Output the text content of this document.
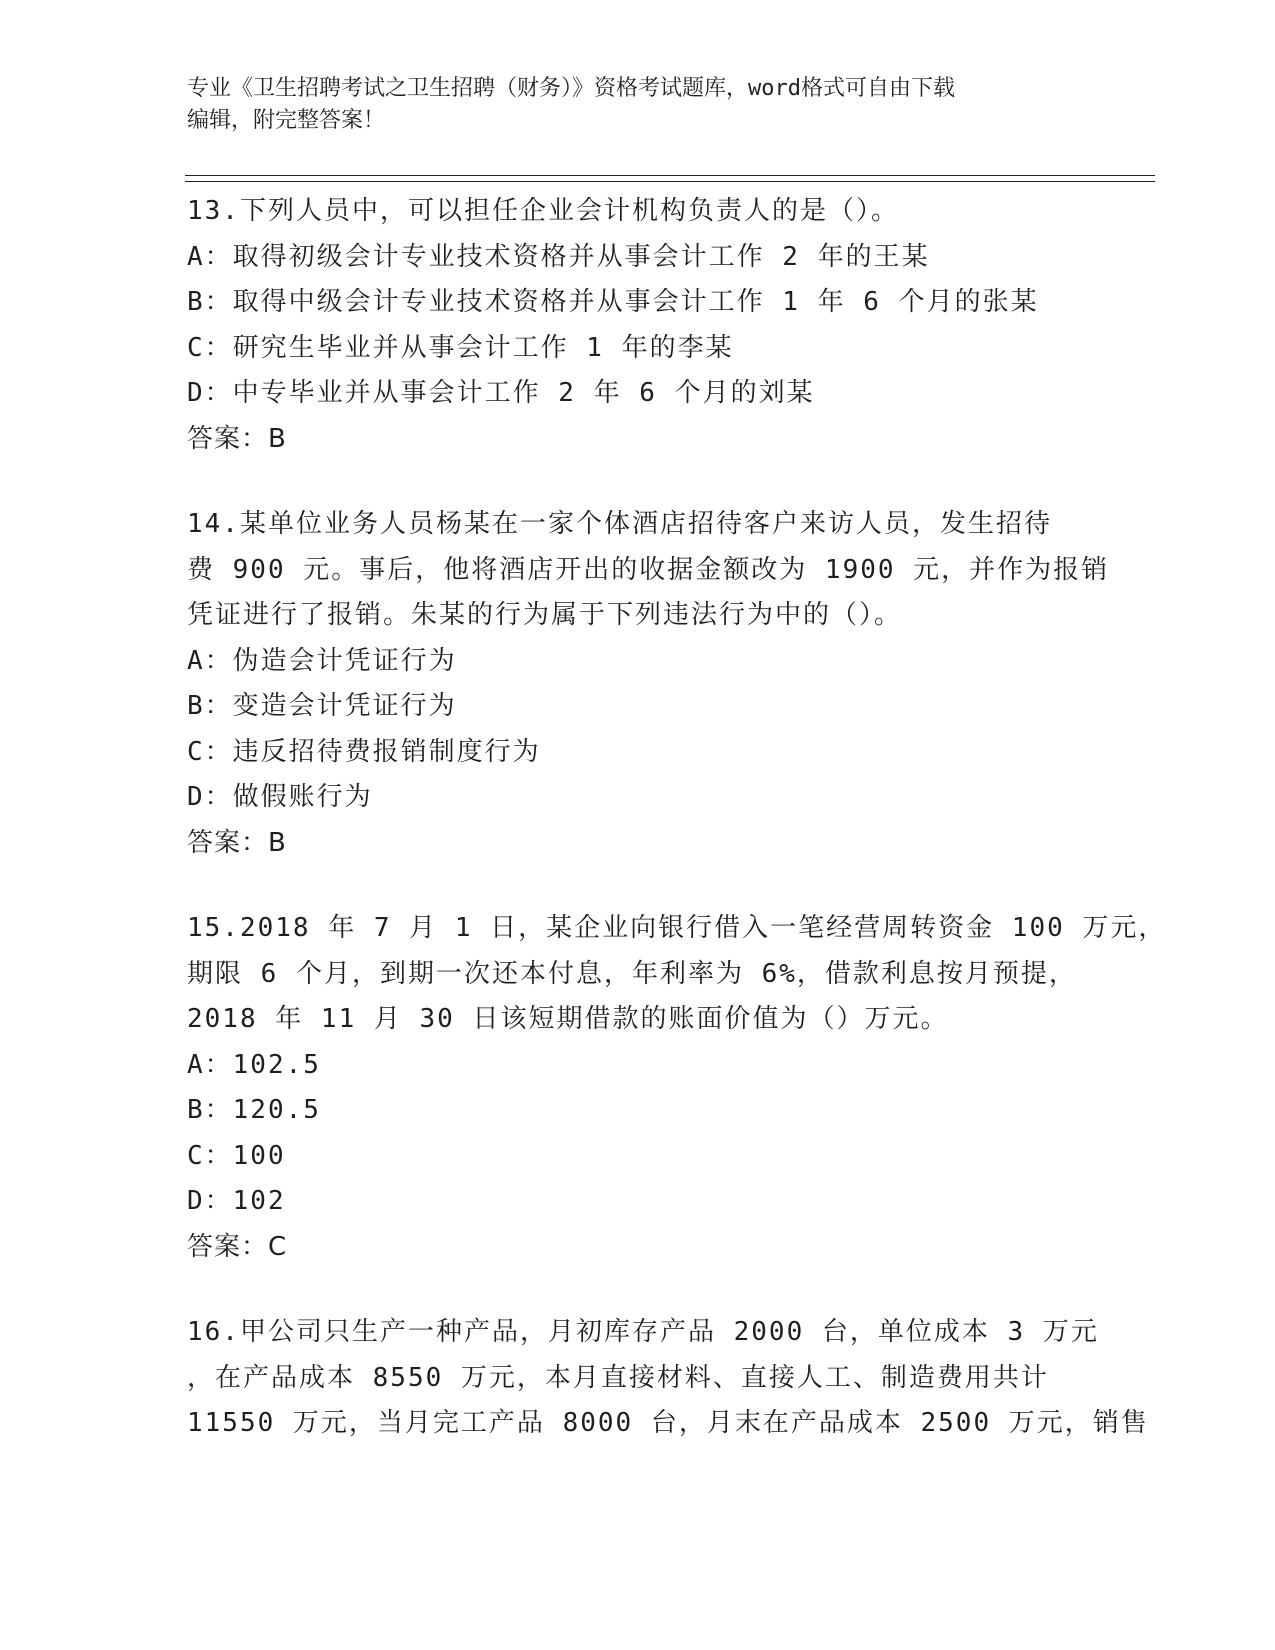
专业《卫生招聘考试之卫生招聘（财务）》资格考试题库，word格式可自由下载
编辑，附完整答案！
13.下列人员中，可以担任企业会计机构负责人的是（）。
A：取得初级会计专业技术资格并从事会计工作 2 年的王某
B：取得中级会计专业技术资格并从事会计工作 1 年 6 个月的张某
C：研究生毕业并从事会计工作 1 年的李某
D：中专毕业并从事会计工作 2 年 6 个月的刘某
答案：B
14.某单位业务人员杨某在一家个体酒店招待客户来访人员，发生招待
费 900 元。事后，他将酒店开出的收据金额改为 1900 元，并作为报销
凭证进行了报销。朱某的行为属于下列违法行为中的（）。
A：伪造会计凭证行为
B：变造会计凭证行为
C：违反招待费报销制度行为
D：做假账行为
答案：B
15.2018 年 7 月 1 日，某企业向银行借入一笔经营周转资金 100 万元，
期限 6 个月，到期一次还本付息，年利率为 6%，借款利息按月预提，
2018 年 11 月 30 日该短期借款的账面价值为（）万元。
A：102.5
B：120.5
C：100
D：102
答案：C
16.甲公司只生产一种产品，月初库存产品 2000 台，单位成本 3 万元
，在产品成本 8550 万元，本月直接材料、直接人工、制造费用共计
11550 万元，当月完工产品 8000 台，月末在产品成本 2500 万元，销售
